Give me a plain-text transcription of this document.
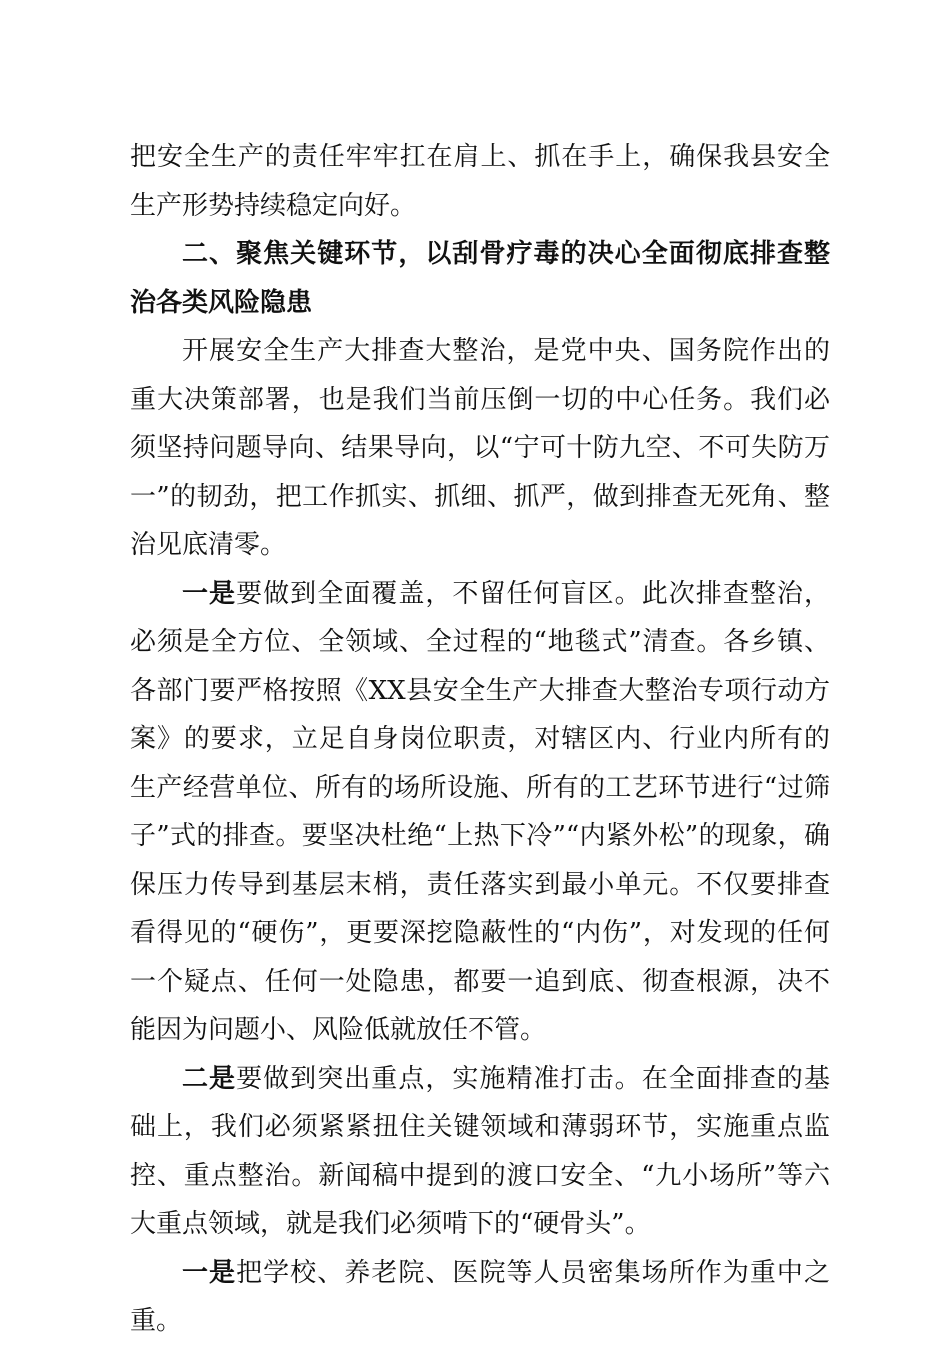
把安全生产的责任牢牢扛在肩上、抓在手上，确保我县安全生产形势持续稳定向好。

二、聚焦关键环节，以刮骨疗毒的决心全面彻底排查整治各类风险隐患

开展安全生产大排查大整治，是党中央、国务院作出的重大决策部署，也是我们当前压倒一切的中心任务。我们必须坚持问题导向、结果导向，以“宁可十防九空、不可失防万一”的韧劲，把工作抓实、抓细、抓严，做到排查无死角、整治见底清零。

一是要做到全面覆盖，不留任何盲区。此次排查整治，必须是全方位、全领域、全过程的“地毯式”清查。各乡镇、各部门要严格按照《XX县安全生产大排查大整治专项行动方案》的要求，立足自身岗位职责，对辖区内、行业内所有的生产经营单位、所有的场所设施、所有的工艺环节进行“过筛子”式的排查。要坚决杜绝“上热下冷”“内紧外松”的现象，确保压力传导到基层末梢，责任落实到最小单元。不仅要排查看得见的“硬伤”，更要深挖隐蔽性的“内伤”，对发现的任何一个疑点、任何一处隐患，都要一追到底、彻查根源，决不能因为问题小、风险低就放任不管。

二是要做到突出重点，实施精准打击。在全面排查的基础上，我们必须紧紧扭住关键领域和薄弱环节，实施重点监控、重点整治。新闻稿中提到的渡口安全、“九小场所”等六大重点领域，就是我们必须啃下的“硬骨头”。

一是把学校、养老院、医院等人员密集场所作为重中之重。
